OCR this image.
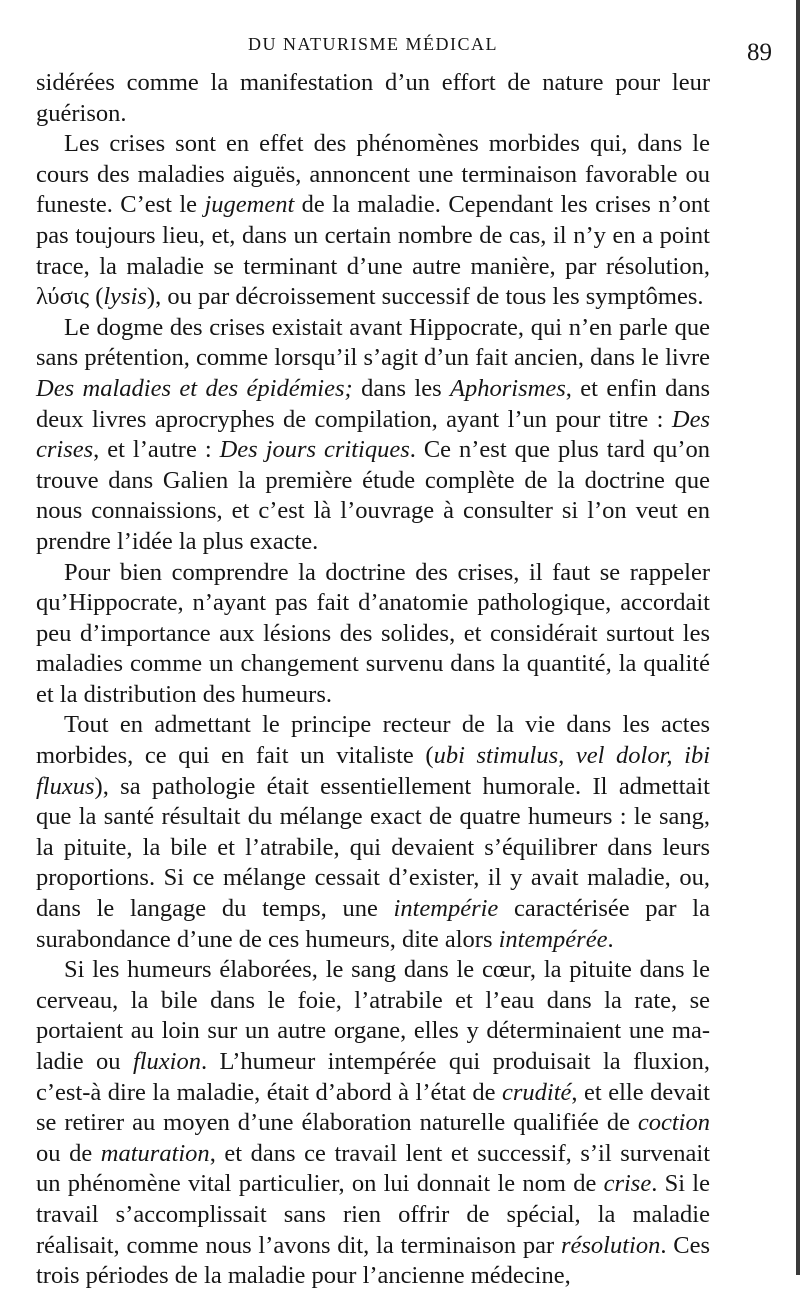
DU NATURISME MÉDICAL	89

sidérées comme la manifestation d’un effort de nature pour leur guérison.

Les crises sont en effet des phénomènes morbides qui, dans le cours des maladies aiguës, annoncent une terminaison favorable ou funeste. C’est le jugement de la maladie. Cependant les crises n’ont pas toujours lieu, et, dans un certain nombre de cas, il n’y en a point trace, la maladie se terminant d’une autre manière, par résolution, λύσις (lysis), ou par décroissement successif de tous les symptômes.

Le dogme des crises existait avant Hippocrate, qui n’en parle que sans prétention, comme lorsqu’il s’agit d’un fait ancien, dans le livre Des maladies et des épidémies; dans les Aphorismes, et enfin dans deux livres aprocryphes de compilation, ayant l’un pour titre : Des crises, et l’autre : Des jours critiques. Ce n’est que plus tard qu’on trouve dans Galien la première étude complète de la doctrine que nous connaissions, et c’est là l’ouvrage à consulter si l’on veut en prendre l’idée la plus exacte.

Pour bien comprendre la doctrine des crises, il faut se rappeler qu’Hippocrate, n’ayant pas fait d’anatomie pathologique, accordait peu d’importance aux lésions des solides, et considérait surtout les maladies comme un changement survenu dans la quantité, la qualité et la distribution des humeurs.

Tout en admettant le principe recteur de la vie dans les actes morbides, ce qui en fait un vitaliste (ubi stimulus, vel dolor, ibi fluxus), sa pathologie était essentiellement humorale. Il admettait que la santé résultait du mélange exact de quatre humeurs : le sang, la pituite, la bile et l’atrabile, qui devaient s’équilibrer dans leurs proportions. Si ce mélange cessait d’exister, il y avait maladie, ou, dans le langage du temps, une intempérie caractérisée par la surabondance d’une de ces humeurs, dite alors intempérée.

Si les humeurs élaborées, le sang dans le cœur, la pituite dans le cerveau, la bile dans le foie, l’atrabile et l’eau dans la rate, se portaient au loin sur un autre organe, elles y déterminaient une maladie ou fluxion. L’humeur intempérée qui produisait la fluxion, c’est-à dire la maladie, était d’abord à l’état de crudité, et elle devait se retirer au moyen d’une élaboration naturelle qualifiée de coction ou de maturation, et dans ce travail lent et successif, s’il survenait un phénomène vital particulier, on lui donnait le nom de crise. Si le travail s’accomplissait sans rien offrir de spécial, la maladie réalisait, comme nous l’avons dit, la terminaison par résolution. Ces trois périodes de la maladie pour l’ancienne médecine,
